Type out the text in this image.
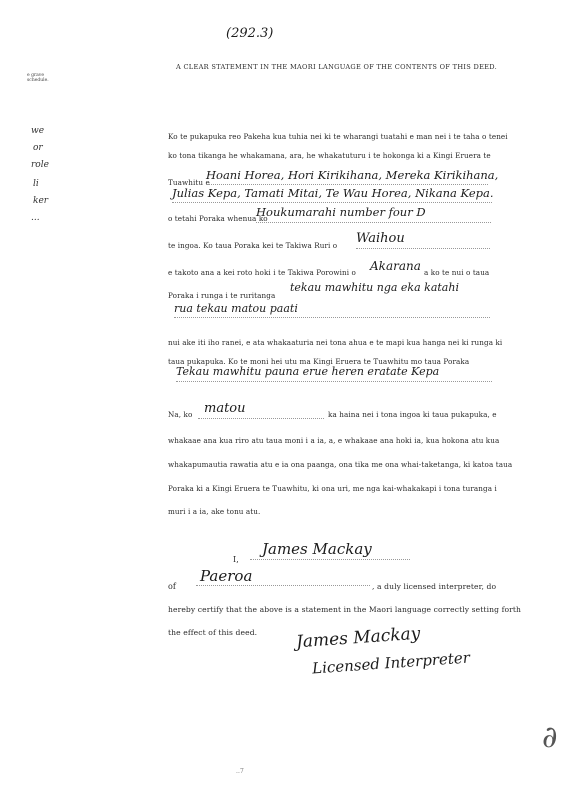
(292.3)
A CLEAR STATEMENT IN THE MAORI LANGUAGE OF THE CONTENTS OF THIS DEED.
e grave
schedule.
we
or
role
li
ker
...
Ko te pukapuka reo Pakeha kua tuhia nei ki te wharangi tuatahi e man nei i te taha o tenei
ko tona tikanga he whakamana, ara, he whakatuturu i te hokonga ki a Kingi Eruera te
Tuawhitu e
Hoani Horea, Hori Kirikihana, Mereka Kirikihana,
Julias Kepa, Tamati Mitai, Te Wau Horea, Nikana Kepa.
o tetahi Poraka whenua ko
Houkumarahi number four D
te ingoa. Ko taua Poraka kei te Takiwa Ruri o Waihou
e takoto ana a kei roto hoki i te Takiwa Porowini o Akarana a ko te nui o taua
Poraka i runga i te ruritanga
tekau mawhitu nga eka katahi
rua tekau matou paati
nui ake iti iho ranei, e ata whakaaturia nei tona ahua e te mapi kua hanga nei ki runga ki
taua pukapuka. Ko te moni hei utu ma Kingi Eruera te Tuawhitu mo taua Poraka
Tekau mawhitu pauna erue heren eratate Kepa
Na, ko matou	ka haina nei i tona ingoa ki taua pukapuka, e
whakaae ana kua riro atu taua moni i a ia, a, e whakaae ana hoki ia, kua hokona atu kua
whakapumautia rawatia atu e ia ona paanga, ona tika me ona whai-taketanga, ki katoa taua
Poraka ki a Kingi Eruera te Tuawhitu, ki ona uri, me nga kai-whakakapi i tona turanga i
muri i a ia, ake tonu atu.
I,
James Mackay
of
Paeroa
, a duly licensed interpreter, do
hereby certify that the above is a statement in the Maori language correctly setting forth
the effect of this deed. James Mackay
Licensed Interpreter
∂
..7
